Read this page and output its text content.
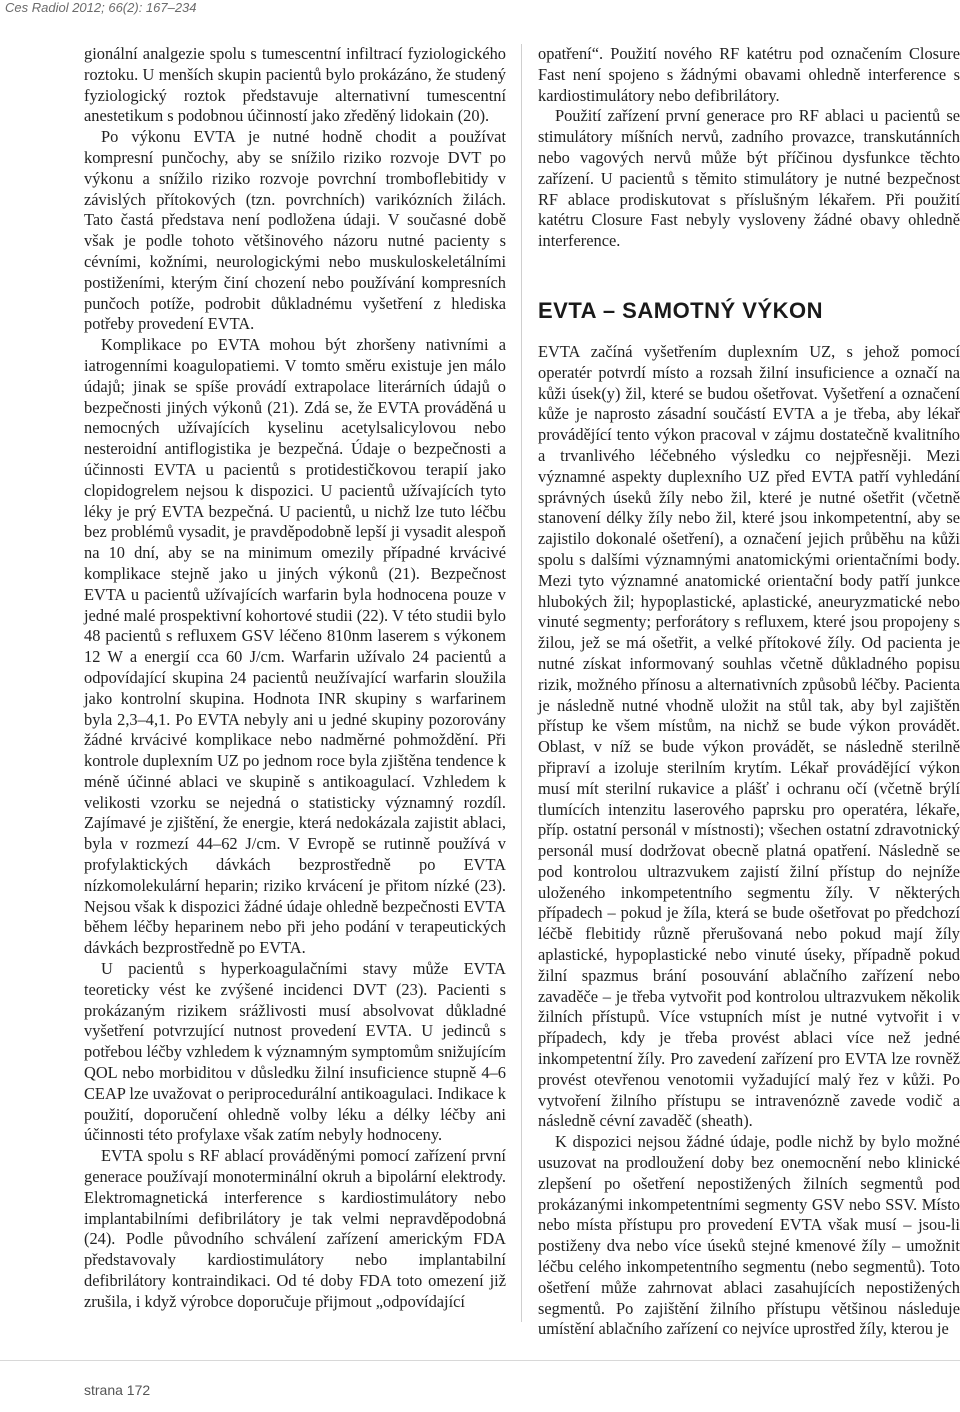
Ces Radiol 2012; 66(2): 167–234

gionální analgezie spolu s tumescentní infiltrací fyziologického roztoku. U menších skupin pacientů bylo prokázáno, že studený fyziologický roztok představuje alternativní tumescentní anestetikum s podobnou účinností jako zředěný lidokain (20).

Po výkonu EVTA je nutné hodně chodit a používat kompresní punčochy, aby se snížilo riziko rozvoje DVT po výkonu a snížilo riziko rozvoje povrchní tromboflebitidy v závislých přítokových (tzn. povrchních) varikózních žilách. Tato častá představa není podložena údaji. V současné době však je podle tohoto většinového názoru nutné pacienty s cévními, kožními, neurologickými nebo muskuloskeletálními postiženími, kterým činí chození nebo používání kompresních punčoch potíže, podrobit důkladnému vyšetření z hlediska potřeby provedení EVTA.

Komplikace po EVTA mohou být zhoršeny nativními a iatrogenními koagulopatiemi. V tomto směru existuje jen málo údajů; jinak se spíše provádí extrapolace literárních údajů o bezpečnosti jiných výkonů (21). Zdá se, že EVTA prováděná u nemocných užívajících kyselinu acetylsalicylovou nebo nesteroidní antiflogistika je bezpečná. Údaje o bezpečnosti a účinnosti EVTA u pacientů s protidestičkovou terapií jako clopidogrelem nejsou k dispozici. U pacientů užívajících tyto léky je prý EVTA bezpečná. U pacientů, u nichž lze tuto léčbu bez problémů vysadit, je pravděpodobně lepší ji vysadit alespoň na 10 dní, aby se na minimum omezily případné krvácivé komplikace stejně jako u jiných výkonů (21). Bezpečnost EVTA u pacientů užívajících warfarin byla hodnocena pouze v jedné malé prospektivní kohortové studii (22). V této studii bylo 48 pacientů s refluxem GSV léčeno 810nm laserem s výkonem 12 W a energií cca 60 J/cm. Warfarin užívalo 24 pacientů a odpovídající skupina 24 pacientů neužívající warfarin sloužila jako kontrolní skupina. Hodnota INR skupiny s warfarinem byla 2,3–4,1. Po EVTA nebyly ani u jedné skupiny pozorovány žádné krvácivé komplikace nebo nadměrné pohmoždění. Při kontrole duplexním UZ po jednom roce byla zjištěna tendence k méně účinné ablaci ve skupině s antikoagulací. Vzhledem k velikosti vzorku se nejedná o statisticky významný rozdíl. Zajímavé je zjištění, že energie, která nedokázala zajistit ablaci, byla v rozmezí 44–62 J/cm. V Evropě se rutinně používá v profylaktických dávkách bezprostředně po EVTA nízkomolekulární heparin; riziko krvácení je přitom nízké (23). Nejsou však k dispozici žádné údaje ohledně bezpečnosti EVTA během léčby heparinem nebo při jeho podání v terapeutických dávkách bezprostředně po EVTA.

U pacientů s hyperkoagulačními stavy může EVTA teoreticky vést ke zvýšené incidenci DVT (23). Pacienti s prokázaným rizikem srážlivosti musí absolvovat důkladné vyšetření potvrzující nutnost provedení EVTA. U jedinců s potřebou léčby vzhledem k významným symptomům snižujícím QOL nebo morbiditou v důsledku žilní insuficience stupně 4–6 CEAP lze uvažovat o periprocedurální antikoagulaci. Indikace k použití, doporučení ohledně volby léku a délky léčby ani účinnosti této profylaxe však zatím nebyly hodnoceny.

EVTA spolu s RF ablací prováděnými pomocí zařízení první generace používají monoterminální okruh a bipolární elektrody. Elektromagnetická interference s kardiostimulátory nebo implantabilními defibrilátory je tak velmi nepravděpodobná (24). Podle původního schválení zařízení americkým FDA představovaly kardiostimulátory nebo implantabilní defibrilátory kontraindikaci. Od té doby FDA toto omezení již zrušila, i když výrobce doporučuje přijmout „odpovídající

opatření“. Použití nového RF katétru pod označením Closure Fast není spojeno s žádnými obavami ohledně interference s kardiostimulátory nebo defibrilátory.

Použití zařízení první generace pro RF ablaci u pacientů se stimulátory míšních nervů, zadního provazce, transkutánních nebo vagových nervů může být příčinou dysfunkce těchto zařízení. U pacientů s těmito stimulátory je nutné bezpečnost RF ablace prodiskutovat s příslušným lékařem. Při použití katétru Closure Fast nebyly vysloveny žádné obavy ohledně interference.

EVTA – SAMOTNÝ VÝKON

EVTA začíná vyšetřením duplexním UZ, s jehož pomocí operatér potvrdí místo a rozsah žilní insuficience a označí na kůži úsek(y) žil, které se budou ošetřovat. Vyšetření a označení kůže je naprosto zásadní součástí EVTA a je třeba, aby lékař provádějící tento výkon pracoval v zájmu dostatečně kvalitního a trvanlivého léčebného výsledku co nejpřesněji. Mezi významné aspekty duplexního UZ před EVTA patří vyhledání správných úseků žíly nebo žil, které je nutné ošetřit (včetně stanovení délky žíly nebo žil, které jsou inkompetentní, aby se zajistilo dokonalé ošetření), a označení jejich průběhu na kůži spolu s dalšími významnými anatomickými orientačními body. Mezi tyto významné anatomické orientační body patří junkce hlubokých žil; hypoplastické, aplastické, aneuryzmatické nebo vinuté segmenty; perforátory s refluxem, které jsou propojeny s žilou, jež se má ošetřit, a velké přítokové žíly. Od pacienta je nutné získat informovaný souhlas včetně důkladného popisu rizik, možného přínosu a alternativních způsobů léčby. Pacienta je následně nutné vhodně uložit na stůl tak, aby byl zajištěn přístup ke všem místům, na nichž se bude výkon provádět. Oblast, v níž se bude výkon provádět, se následně sterilně připraví a izoluje sterilním krytím. Lékař provádějící výkon musí mít sterilní rukavice a plášť i ochranu očí (včetně brýlí tlumících intenzitu laserového paprsku pro operatéra, lékaře, příp. ostatní personál v místnosti); všechen ostatní zdravotnický personál musí dodržovat obecně platná opatření. Následně se pod kontrolou ultrazvukem zajistí žilní přístup do nejníže uloženého inkompetentního segmentu žíly. V některých případech – pokud je žíla, která se bude ošetřovat po předchozí léčbě flebitidy různě přerušovaná nebo pokud mají žíly aplastické, hypoplastické nebo vinuté úseky, případně pokud žilní spazmus brání posouvání ablačního zařízení nebo zavaděče – je třeba vytvořit pod kontrolou ultrazvukem několik žilních přístupů. Více vstupních míst je nutné vytvořit i v případech, kdy je třeba provést ablaci více než jedné inkompetentní žíly. Pro zavedení zařízení pro EVTA lze rovněž provést otevřenou venotomii vyžadující malý řez v kůži. Po vytvoření žilního přístupu se intravenózně zavede vodič a následně cévní zavaděč (sheath).

K dispozici nejsou žádné údaje, podle nichž by bylo možné usuzovat na prodloužení doby bez onemocnění nebo klinické zlepšení po ošetření nepostižených žilních segmentů pod prokázanými inkompetentními segmenty GSV nebo SSV. Místo nebo místa přístupu pro provedení EVTA však musí – jsou-li postiženy dva nebo více úseků stejné kmenové žíly – umožnit léčbu celého inkompetentního segmentu (nebo segmentů). Toto ošetření může zahrnovat ablaci zasahujících nepostižených segmentů. Po zajištění žilního přístupu většinou následuje umístění ablačního zařízení co nejvíce uprostřed žíly, kterou je

strana 172
